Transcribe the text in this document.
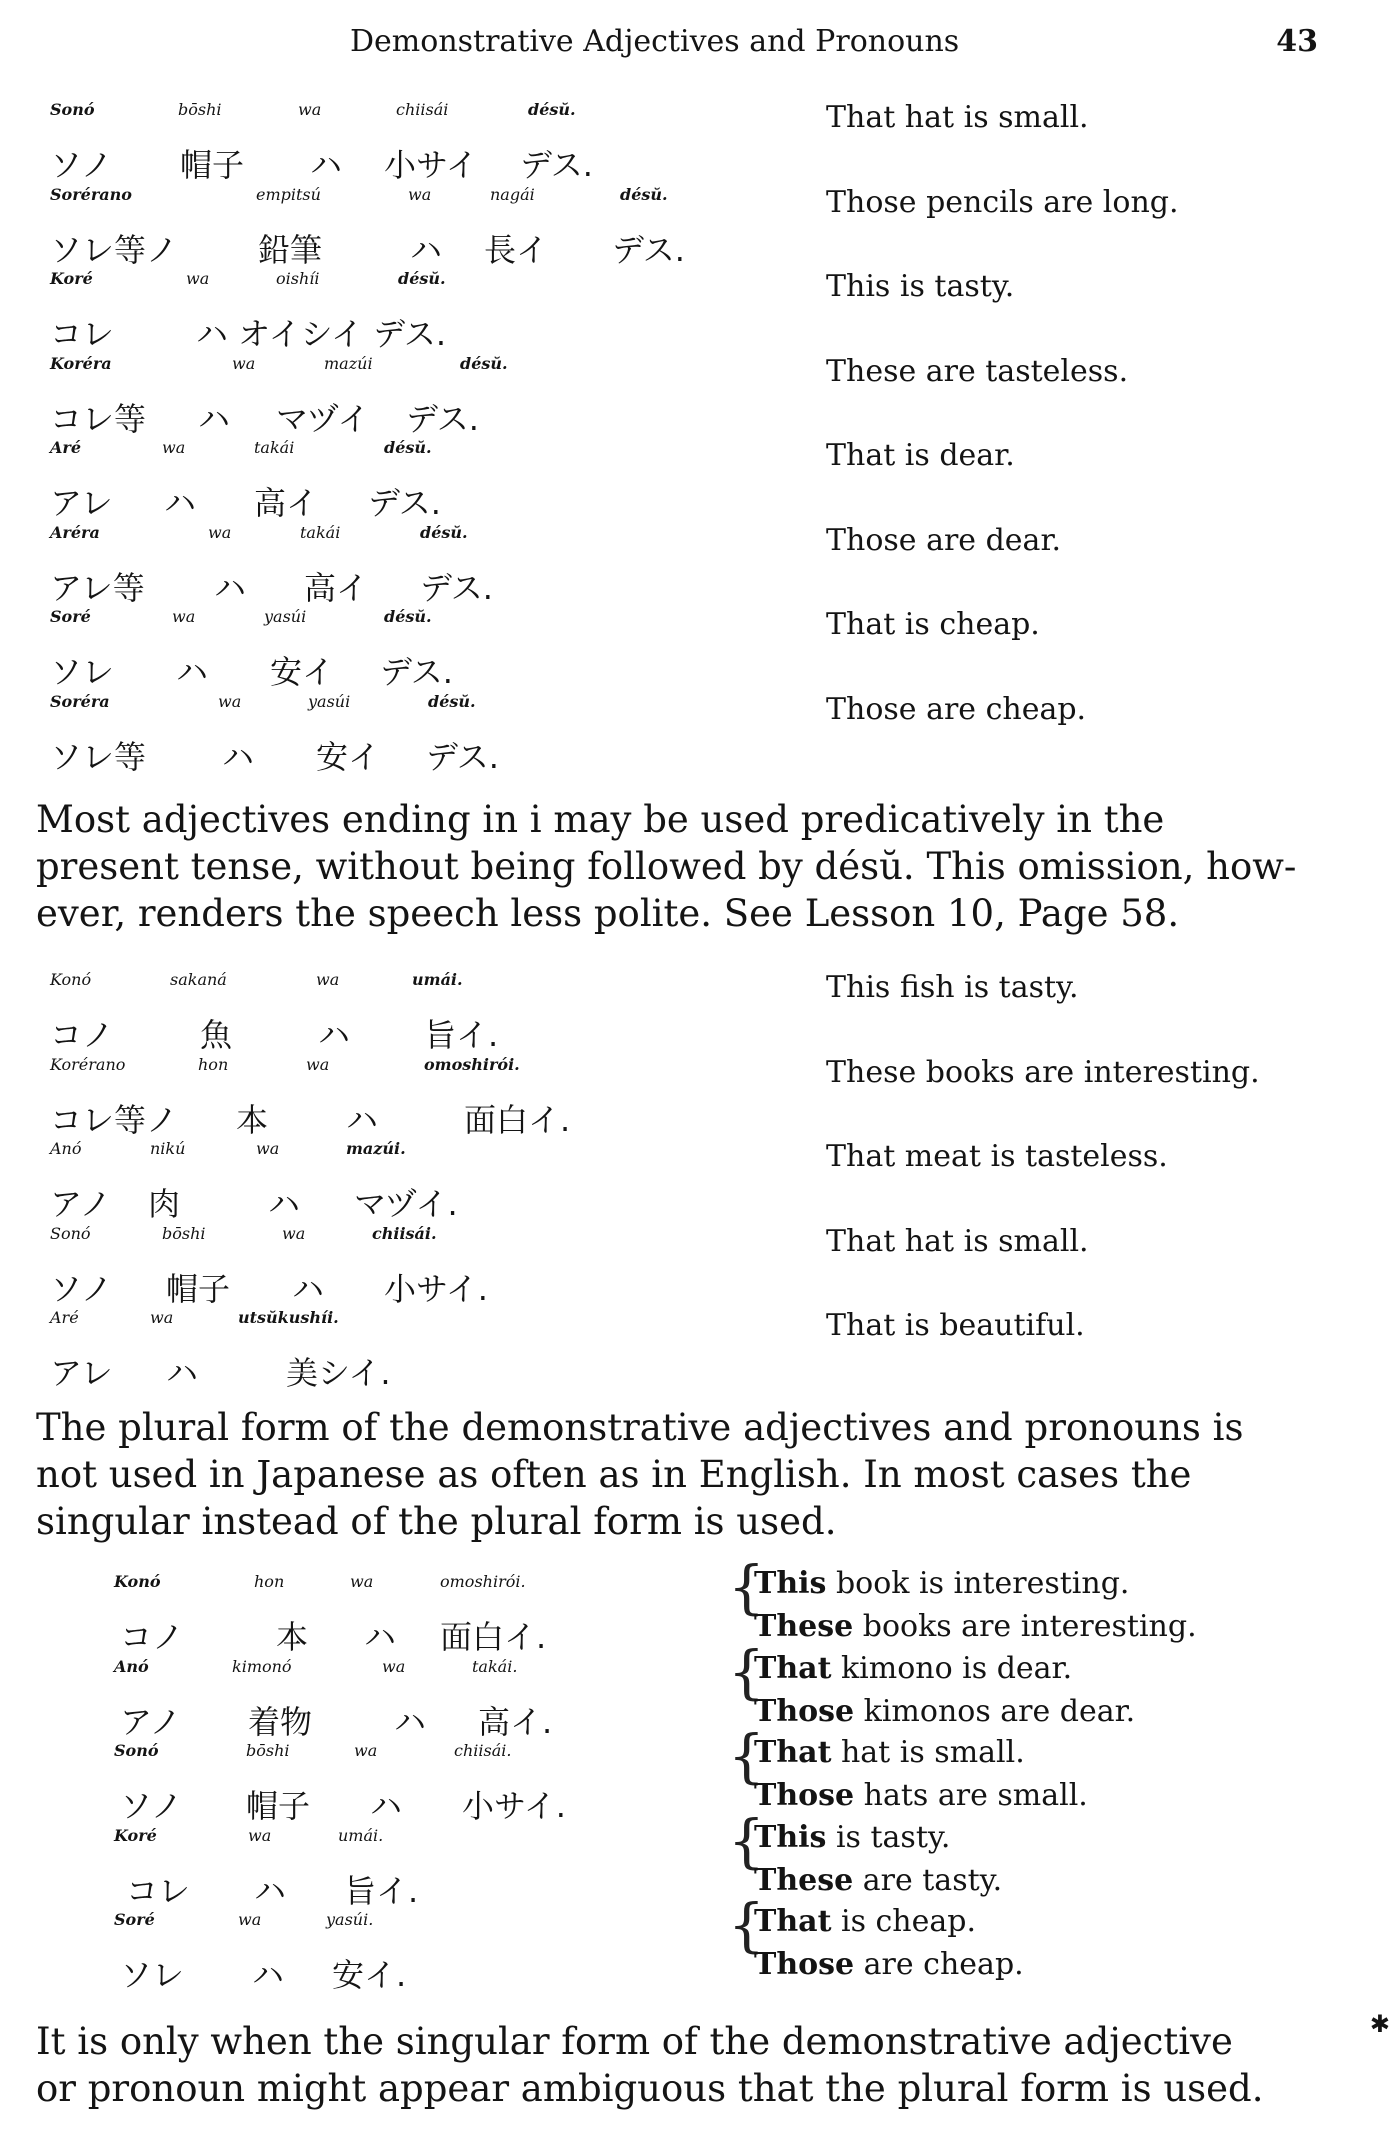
Demonstrative Adjectives and Pronouns	43
Sonó	bōshi	wa	chiisái	désŭ.
ソノ 帽子 ハ 小サイ デス.
That hat is small.
Sorérano	empitsú	wa	nagái	désŭ.
ソレ等ノ 鉛筆	ハ 長イ デス.
Those pencils are long.
Koré	wa	oishíi	désŭ.
コレ	ハ オイシイ デス.
This is tasty.
Koréra	wa	mazúi	désŭ.
コレ等 ハ マヅイ デス.
These are tasteless.
Aré	wa	takái	désŭ.
アレ ハ 高イ デス.
That is dear.
Aréra	wa	takái	désŭ.
アレ等 ハ 高イ デス.
Those are dear.
Soré	wa	yasúi	désŭ.
ソレ ハ 安イ デス.
That is cheap.
Soréra	wa	yasúi	désŭ.
ソレ等 ハ 安イ デス.
Those are cheap.
Most adjectives ending in i may be used predicatively in the
present tense, without being followed by désŭ. This omission, how-
ever, renders the speech less polite. See Lesson 10, Page 58.
Konó	sakaná	wa	umái.
コノ	魚	ハ 旨イ.
This fish is tasty.
Korérano	hon	wa	omoshirói.
コレ等ノ 本 ハ	面白イ.
These books are interesting.
Anó	nikú	wa	mazúi.
アノ 肉	ハ マヅイ.
That meat is tasteless.
Sonó	bōshi	wa	chiisái.
ソノ 帽子 ハ 小サイ.
That hat is small.
Aré	wa	utsŭkushíi.
アレ ハ	美シイ.
That is beautiful.
The plural form of the demonstrative adjectives and pronouns is
not used in Japanese as often as in English. In most cases the
singular instead of the plural form is used.
Konó	hon	wa	omoshirói.
コノ	本 ハ 面白イ.
{
This book is interesting.
These books are interesting.
Anó	kimonó	wa	takái.
アノ 着物	ハ 高イ.
{
That kimono is dear.
Those kimonos are dear.
Sonó	bōshi	wa	chiisái.
ソノ 帽子 ハ 小サイ.
{
That hat is small.
Those hats are small.
Koré	wa	umái.
コレ ハ 旨イ.
{
This is tasty.
These are tasty.
Soré	wa	yasúi.
ソレ ハ 安イ.
{
That is cheap.
Those are cheap.
It is only when the singular form of the demonstrative adjective
or pronoun might appear ambiguous that the plural form is used.
✱
